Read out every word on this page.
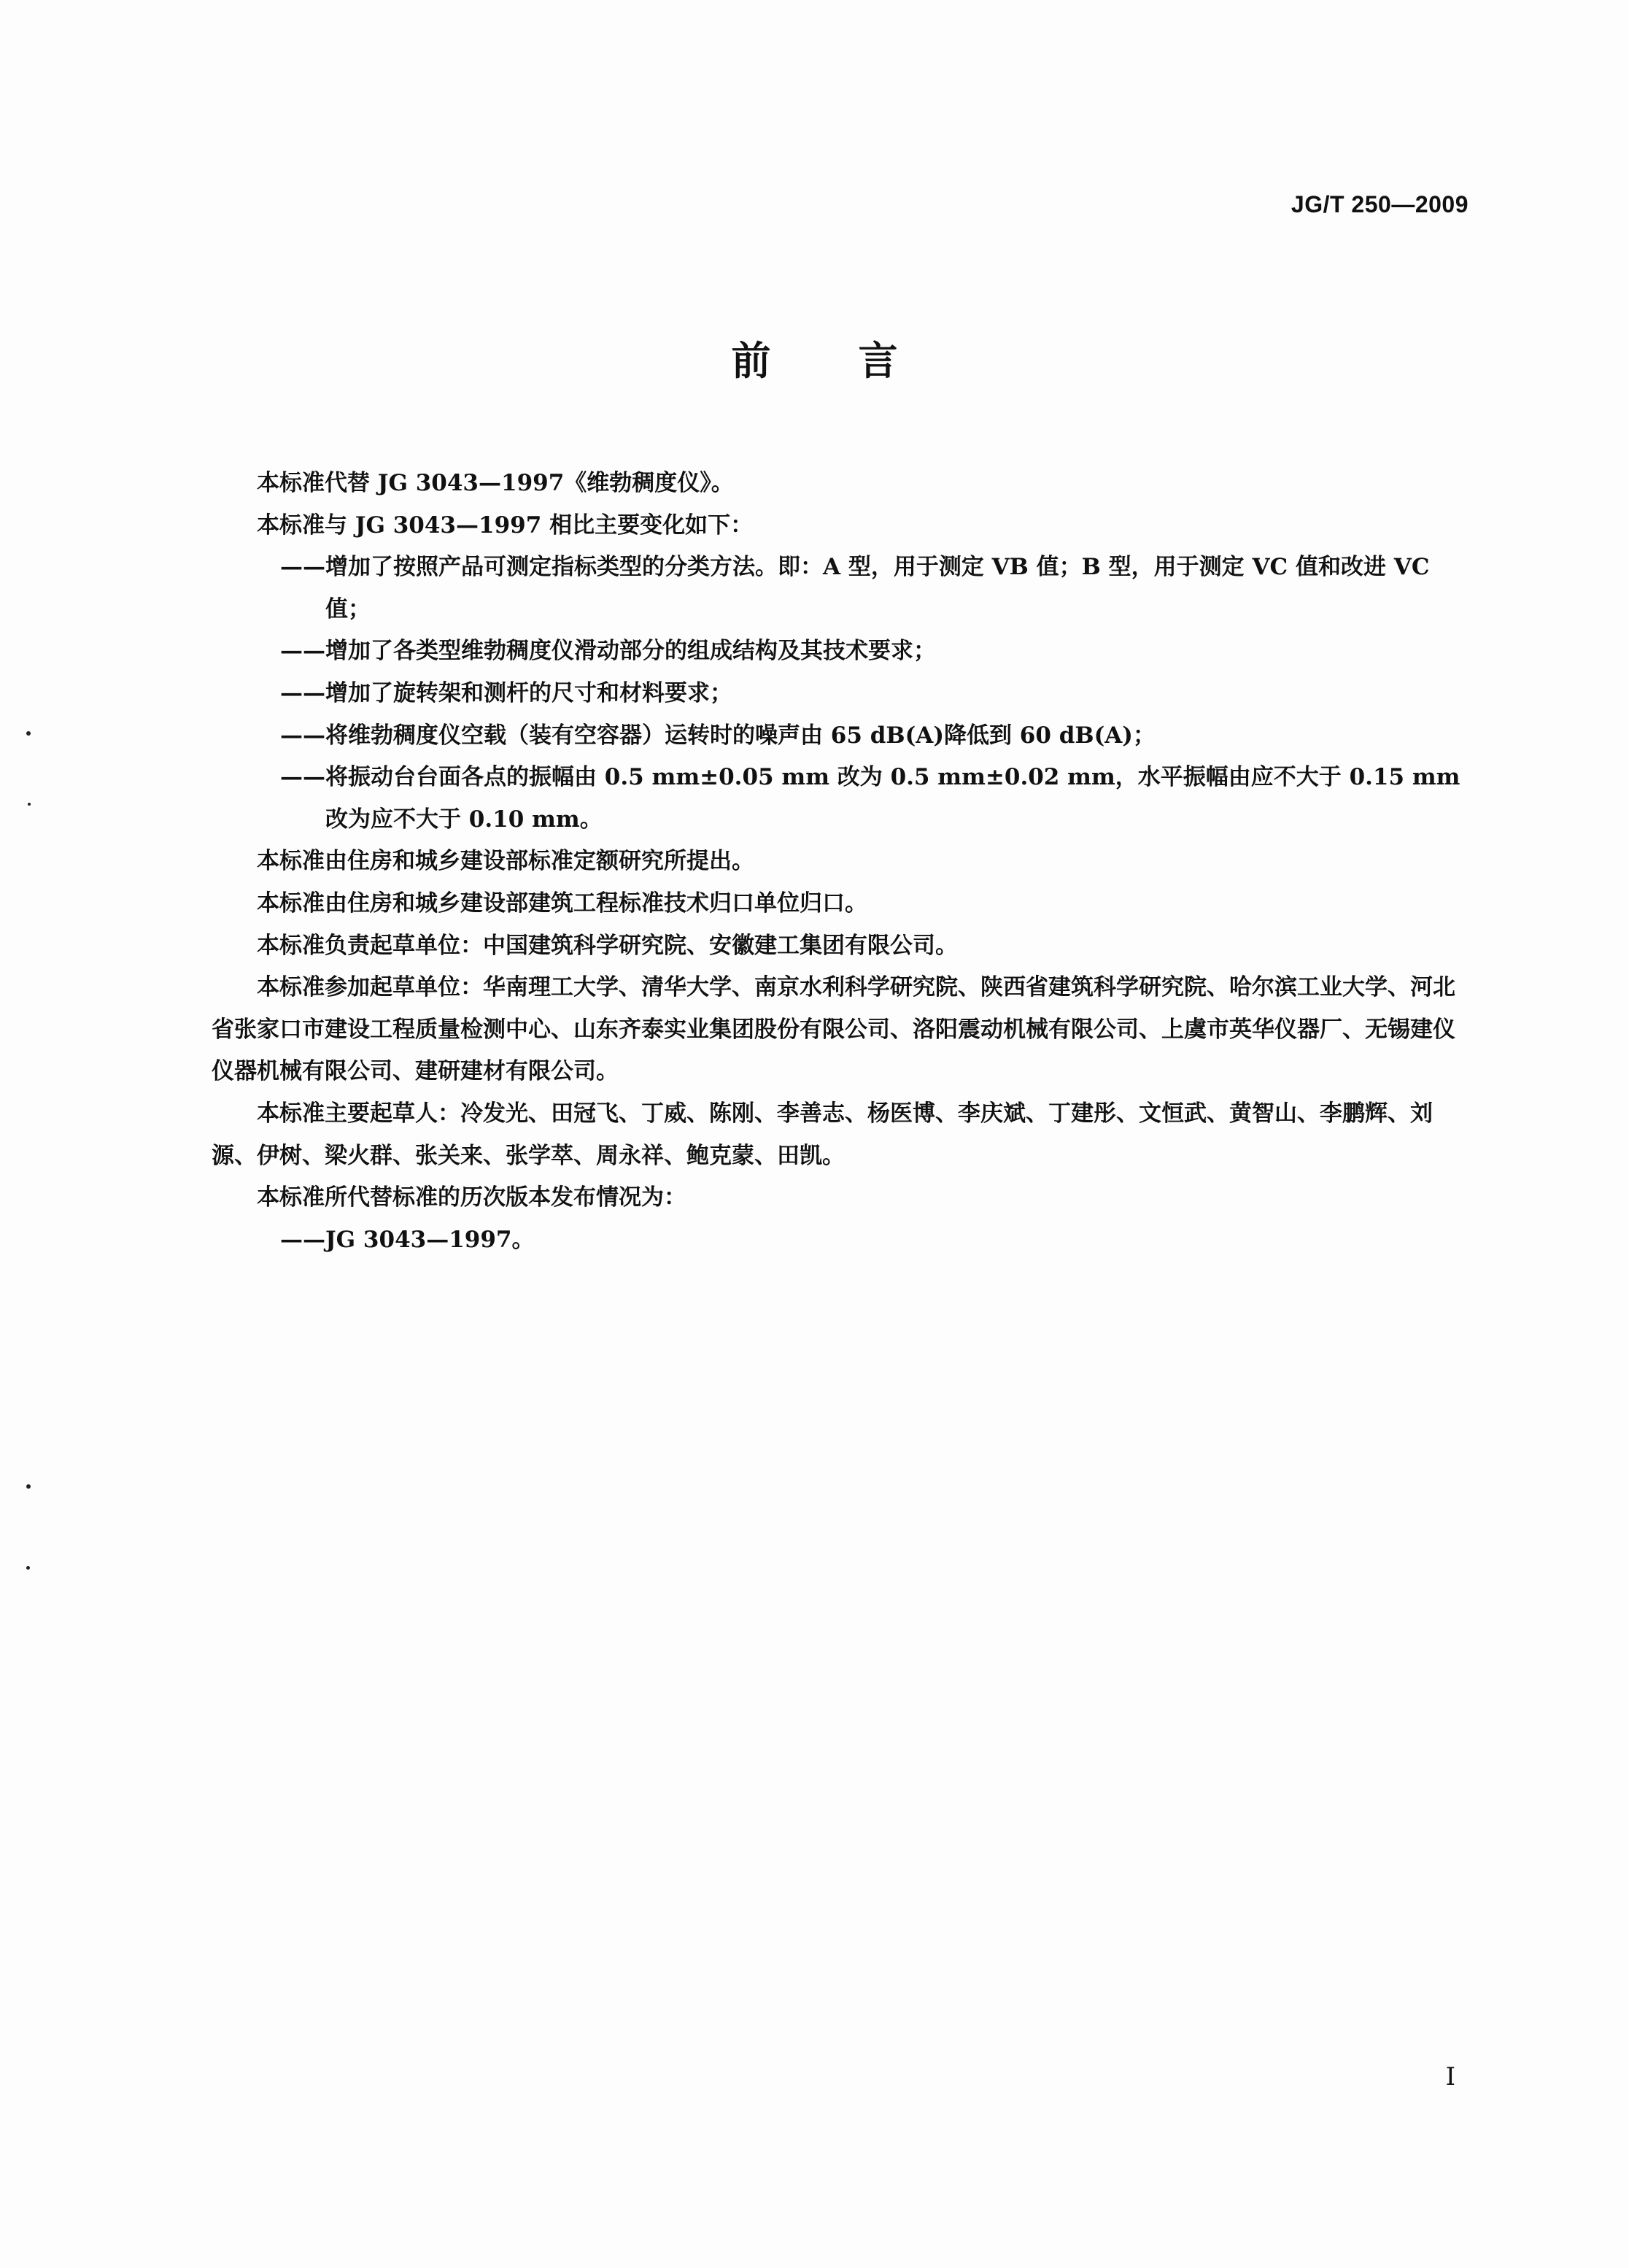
JG/T 250—2009
前 言

本标准代替 JG 3043—1997《维勃稠度仪》。

本标准与 JG 3043—1997 相比主要变化如下：

——增加了按照产品可测定指标类型的分类方法。即：A 型，用于测定 VB 值；B 型，用于测定 VC 值和改进 VC 值；

——增加了各类型维勃稠度仪滑动部分的组成结构及其技术要求；

——增加了旋转架和测杆的尺寸和材料要求；

——将维勃稠度仪空载（装有空容器）运转时的噪声由 65 dB(A)降低到 60 dB(A)；

——将振动台台面各点的振幅由 0.5 mm±0.05 mm 改为 0.5 mm±0.02 mm，水平振幅由应不大于 0.15 mm 改为应不大于 0.10 mm。

本标准由住房和城乡建设部标准定额研究所提出。

本标准由住房和城乡建设部建筑工程标准技术归口单位归口。

本标准负责起草单位：中国建筑科学研究院、安徽建工集团有限公司。

本标准参加起草单位：华南理工大学、清华大学、南京水利科学研究院、陕西省建筑科学研究院、哈尔滨工业大学、河北省张家口市建设工程质量检测中心、山东齐泰实业集团股份有限公司、洛阳震动机械有限公司、上虞市英华仪器厂、无锡建仪仪器机械有限公司、建研建材有限公司。

本标准主要起草人：冷发光、田冠飞、丁威、陈刚、李善志、杨医博、李庆斌、丁建彤、文恒武、黄智山、李鹏辉、刘源、伊树、梁火群、张关来、张学萃、周永祥、鲍克蒙、田凯。

本标准所代替标准的历次版本发布情况为：

——JG 3043—1997。

I
